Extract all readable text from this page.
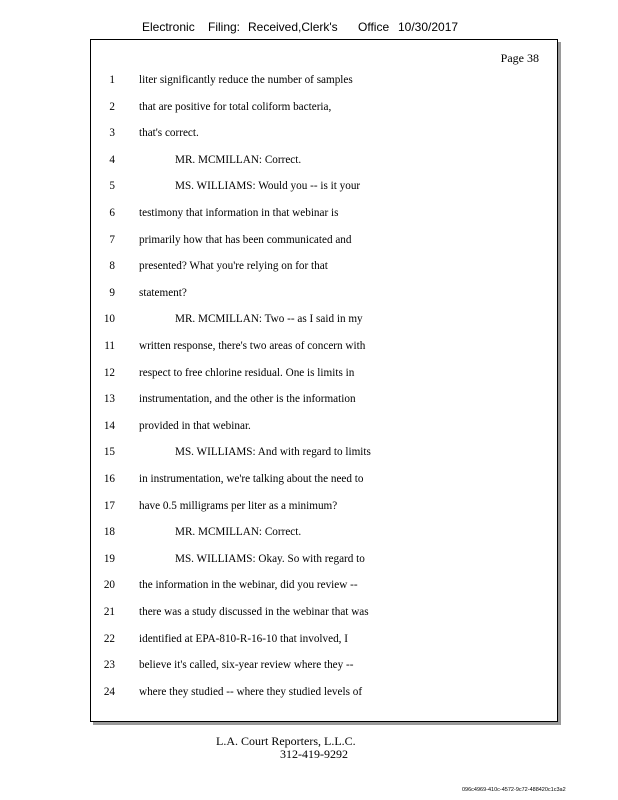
Electronic Filing: Received,Clerk's Office 10/30/2017
Page 38
1 liter significantly reduce the number of samples
2 that are positive for total coliform bacteria,
3 that's correct.
4	MR. MCMILLAN: Correct.
5	MS. WILLIAMS: Would you -- is it your
6 testimony that information in that webinar is
7 primarily how that has been communicated and
8 presented? What you're relying on for that
9 statement?
10	MR. MCMILLAN: Two -- as I said in my
11 written response, there's two areas of concern with
12 respect to free chlorine residual. One is limits in
13 instrumentation, and the other is the information
14 provided in that webinar.
15	MS. WILLIAMS: And with regard to limits
16 in instrumentation, we're talking about the need to
17 have 0.5 milligrams per liter as a minimum?
18	MR. MCMILLAN: Correct.
19	MS. WILLIAMS: Okay. So with regard to
20 the information in the webinar, did you review --
21 there was a study discussed in the webinar that was
22 identified at EPA-810-R-16-10 that involved, I
23 believe it's called, six-year review where they --
24 where they studied -- where they studied levels of
L.A. Court Reporters, L.L.C.
312-419-9292
096c4969-410c-4572-9c72-488420c1c3a2
